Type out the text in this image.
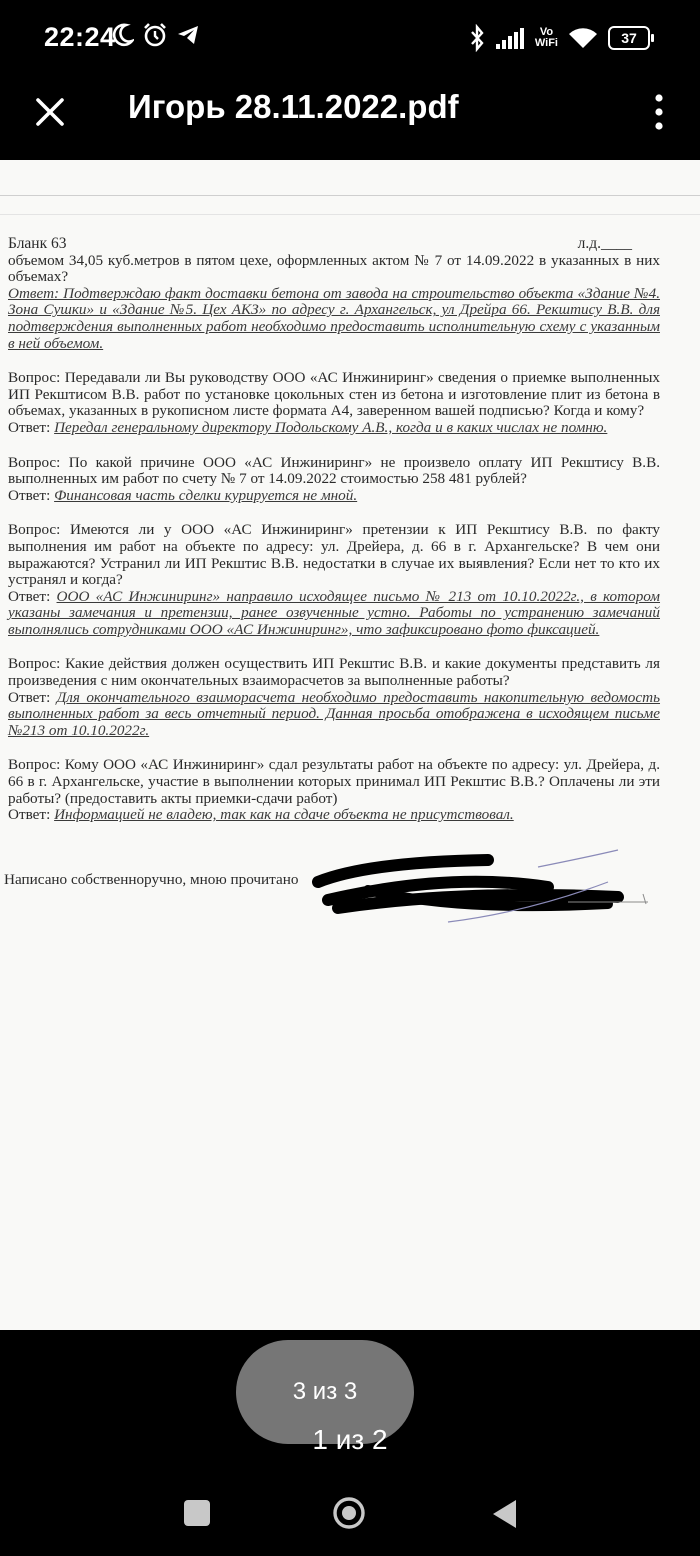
22:24	Vo
WiFi	37
Игорь 28.11.2022.pdf
Бланк 63	л.д.____

объемом 34,05 куб.метров в пятом цехе, оформленных актом № 7 от 14.09.2022 в указанных в них объемах?

Ответ: Подтверждаю факт доставки бетона от завода на строительство объекта «Здание №4. Зона Сушки» и «Здание №5. Цех АКЗ» по адресу г. Архангельск, ул Дрейра 66. Рекштису В.В. для подтверждения выполненных работ необходимо предоставить исполнительную схему с указанным в ней объемом.

Вопрос: Передавали ли Вы руководству ООО «АС Инжиниринг» сведения о приемке выполненных ИП Рекштисом В.В. работ по установке цокольных стен из бетона и изготовление плит из бетона в объемах, указанных в рукописном листе формата А4, заверенном вашей подписью? Когда и кому?

Ответ: Передал генеральному директору Подольскому А.В., когда и в каких числах не помню.

Вопрос: По какой причине ООО «АС Инжиниринг» не произвело оплату ИП Рекштису В.В. выполненных им работ по счету № 7 от 14.09.2022 стоимостью 258 481 рублей?

Ответ: Финансовая часть сделки курируется не мной.

Вопрос: Имеются ли у ООО «АС Инжиниринг» претензии к ИП Рекштису В.В. по факту выполнения им работ на объекте по адресу: ул. Дрейера, д. 66 в г. Архангельске? В чем они выражаются? Устранил ли ИП Рекштис В.В. недостатки в случае их выявления? Если нет то кто их устранял и когда?

Ответ: ООО «АС Инжиниринг» направило исходящее письмо № 213 от 10.10.2022г., в котором указаны замечания и претензии, ранее озвученные устно. Работы по устранению замечаний выполнялись сотрудниками ООО «АС Инжиниринг», что зафиксировано фото фиксацией.

Вопрос: Какие действия должен осуществить ИП Рекштис В.В. и какие документы представить ля произведения с ним окончательных взаиморасчетов за выполненные работы?

Ответ: Для окончательного взаиморасчета необходимо предоставить накопительную ведомость выполненных работ за весь отчетный период. Данная просьба отображена в исходящем письме №213 от 10.10.2022г.

Вопрос: Кому ООО «АС Инжиниринг» сдал результаты работ на объекте по адресу: ул. Дрейера, д. 66 в г. Архангельске, участие в выполнении которых принимал ИП Рекштис В.В.? Оплачены ли эти работы? (предоставить акты приемки-сдачи работ)

Ответ: Информацией не владею, так как на сдаче объекта не присутствовал.

Написано собственноручно, мною прочитано
3 из 3
1 из 2
